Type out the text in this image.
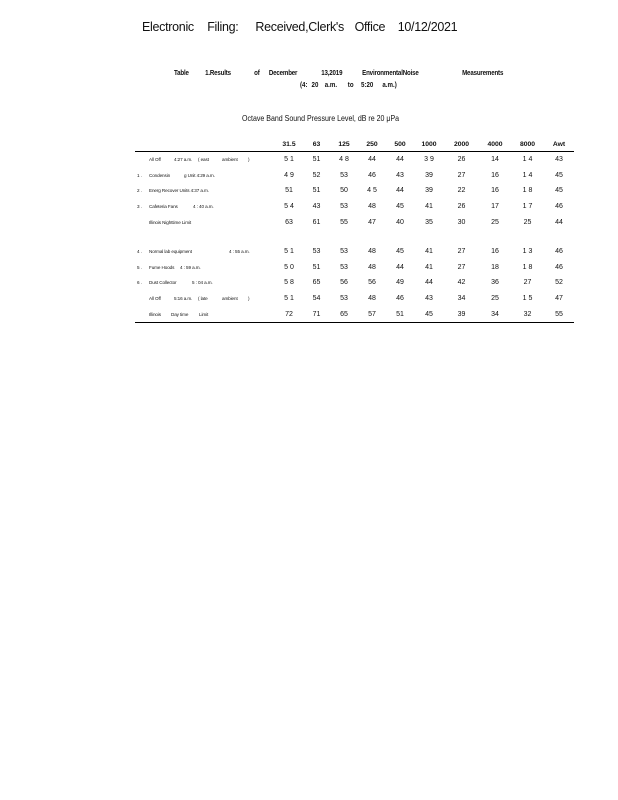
Electronic Filing: Received,Clerk's Office 10/12/2021
Table 1.Results	of December	13,2019	EnvironmentalNoise	Measurements
(4: 20 a.m. to 5:20 a.m.)
Octave Band Sound Pressure Level, dB re 20 μPa
	31.5	63	125	250	500	1000	2000	4000	8000	Awt
All Off 4:27 a.m. ( east ambient )	5 1	51	4 8	44	44	3 9	26	14	1 4	43
1 . Condensin g Unit 4:29 a.m.	4 9	52	53	46	43	39	27	16	1 4	45
2 . Energ Recover Units 4:37 a.m.	51	51	50	4 5	44	39	22	16	1 8	45
3 . Cafeteria Fans 4 : 40 a.m.	5 4	43	53	48	45	41	26	17	1 7	46
Illinois Nighttime Limit	63	61	55	47	40	35	30	25	25	44

4 . Normal lab equipment 4 : 55 a.m.	5 1	53	53	48	45	41	27	16	1 3	46
5 . Fume Hoods 4 : 59 a.m.	5 0	51	53	48	44	41	27	18	1 8	46
6 . Dust Collector 5 : 04 a.m.	5 8	65	56	56	49	44	42	36	27	52
All Off 5:16 a.m. ( late ambient )	5 1	54	53	48	46	43	34	25	1 5	47
Illinois Day time Limit	72	71	65	57	51	45	39	34	32	55
